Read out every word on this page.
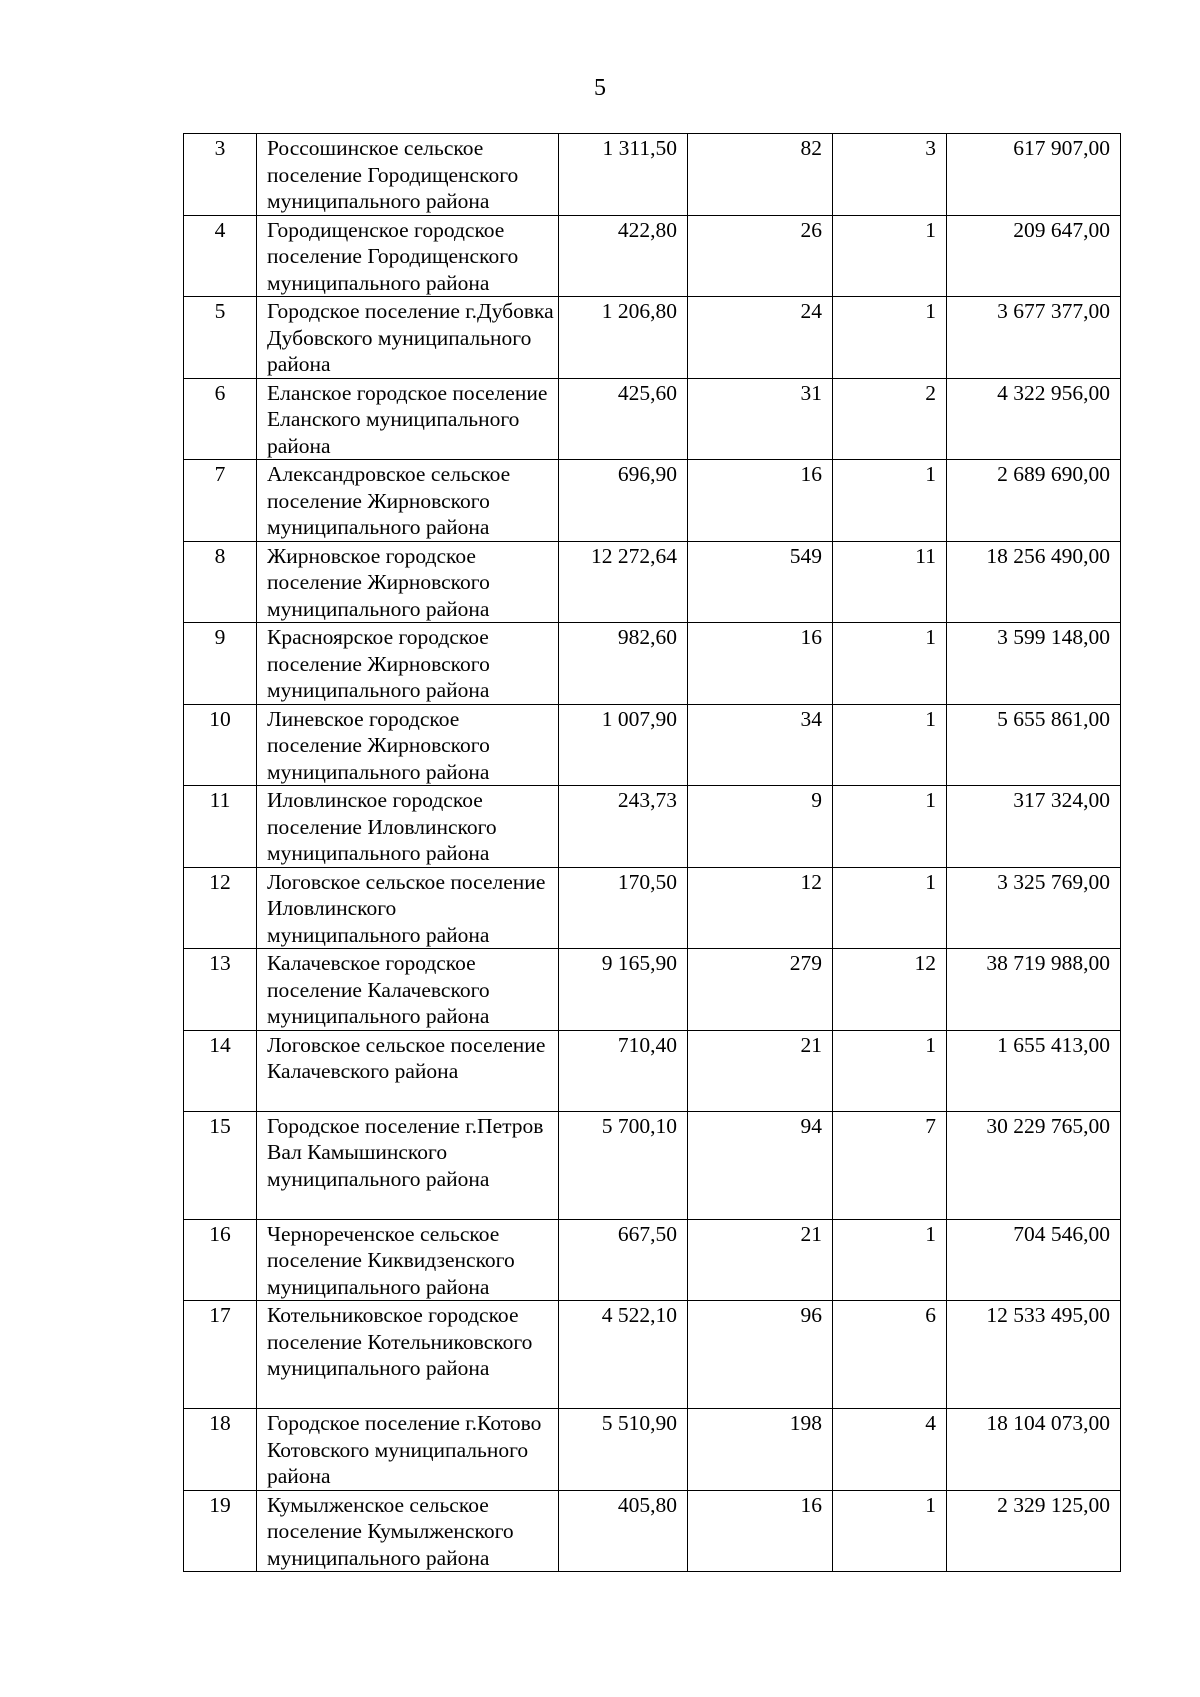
5
3	Россошинское сельское поселение Городищенского муниципального района	1 311,50	82	3	617 907,00
4	Городищенское городское поселение Городищенского муниципального района	422,80	26	1	209 647,00
5	Городское поселение г.Дубовка Дубовского муниципального района	1 206,80	24	1	3 677 377,00
6	Еланское городское поселение Еланского муниципального района	425,60	31	2	4 322 956,00
7	Александровское сельское поселение Жирновского муниципального района	696,90	16	1	2 689 690,00
8	Жирновское городское поселение Жирновского муниципального района	12 272,64	549	11	18 256 490,00
9	Красноярское городское поселение Жирновского муниципального района	982,60	16	1	3 599 148,00
10	Линевское городское поселение Жирновского муниципального района	1 007,90	34	1	5 655 861,00
11	Иловлинское городское поселение Иловлинского муниципального района	243,73	9	1	317 324,00
12	Логовское сельское поселение Иловлинского муниципального района	170,50	12	1	3 325 769,00
13	Калачевское городское поселение Калачевского муниципального района	9 165,90	279	12	38 719 988,00
14	Логовское сельское поселение Калачевского района	710,40	21	1	1 655 413,00
15	Городское поселение г.Петров Вал Камышинского муниципального района	5 700,10	94	7	30 229 765,00
16	Чернореченское сельское поселение Киквидзенского муниципального района	667,50	21	1	704 546,00
17	Котельниковское городское поселение Котельниковского муниципального района	4 522,10	96	6	12 533 495,00
18	Городское поселение г.Котово Котовского муниципального района	5 510,90	198	4	18 104 073,00
19	Кумылженское сельское поселение Кумылженского муниципального района	405,80	16	1	2 329 125,00
